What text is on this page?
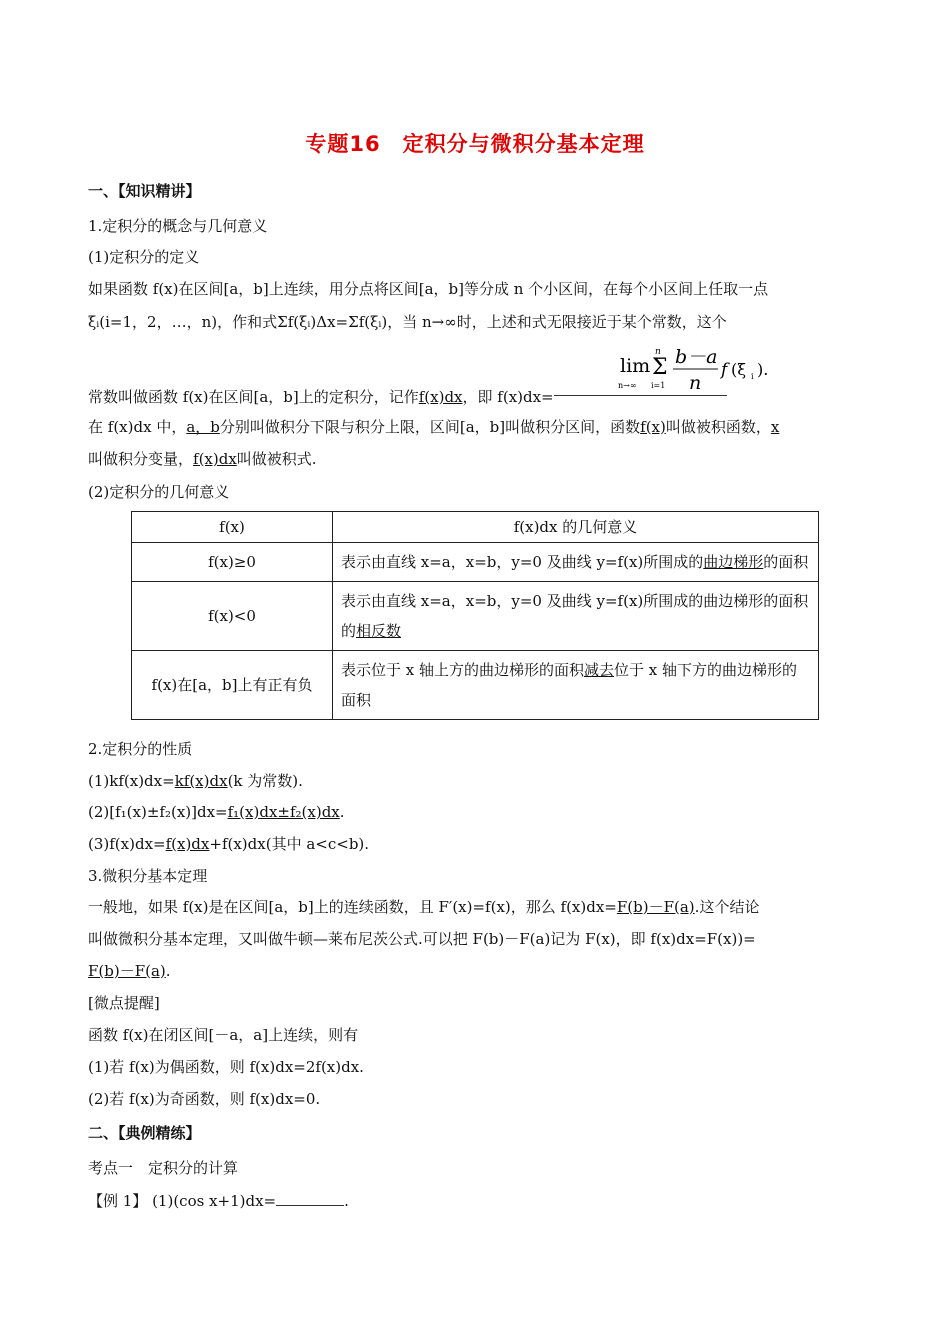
专题16　定积分与微积分基本定理
一、【知识精讲】
1.定积分的概念与几何意义
(1)定积分的定义
如果函数 f(x)在区间[a，b]上连续，用分点将区间[a，b]等分成 n 个小区间，在每个小区间上任取一点
ξᵢ(i=1，2，…，n)，作和式Σf(ξᵢ)Δx=Σf(ξᵢ)，当 n→∞时，上述和式无限接近于某个常数，这个
lim
n→∞
Σ
n
i=1
b－a
n
f (ξ i ).
常数叫做函数 f(x)在区间[a，b]上的定积分，记作f(x)dx，即 f(x)dx=
在 f(x)dx 中，a，b分别叫做积分下限与积分上限，区间[a，b]叫做积分区间，函数f(x)叫做被积函数，x
叫做积分变量，f(x)dx叫做被积式.
(2)定积分的几何意义
f(x)	f(x)dx 的几何意义
f(x)≥0	表示由直线 x=a，x=b，y=0 及曲线 y=f(x)所围成的曲边梯形的面积
f(x)<0	表示由直线 x=a，x=b，y=0 及曲线 y=f(x)所围成的曲边梯形的面积的相反数
f(x)在[a，b]上有正有负	表示位于 x 轴上方的曲边梯形的面积减去位于 x 轴下方的曲边梯形的面积
2.定积分的性质
(1)kf(x)dx=kf(x)dx(k 为常数).
(2)[f₁(x)±f₂(x)]dx=f₁(x)dx±f₂(x)dx.
(3)f(x)dx=f(x)dx+f(x)dx(其中 a<c<b).
3.微积分基本定理
一般地，如果 f(x)是在区间[a，b]上的连续函数，且 F′(x)=f(x)，那么 f(x)dx=F(b)－F(a).这个结论
叫做微积分基本定理，又叫做牛顿—莱布尼茨公式.可以把 F(b)－F(a)记为 F(x)，即 f(x)dx=F(x))=
F(b)－F(a).
[微点提醒]
函数 f(x)在闭区间[－a，a]上连续，则有
(1)若 f(x)为偶函数，则 f(x)dx=2f(x)dx.
(2)若 f(x)为奇函数，则 f(x)dx=0.
二、【典例精练】
考点一　定积分的计算
【例 1】 (1)(cos x+1)dx=	.
